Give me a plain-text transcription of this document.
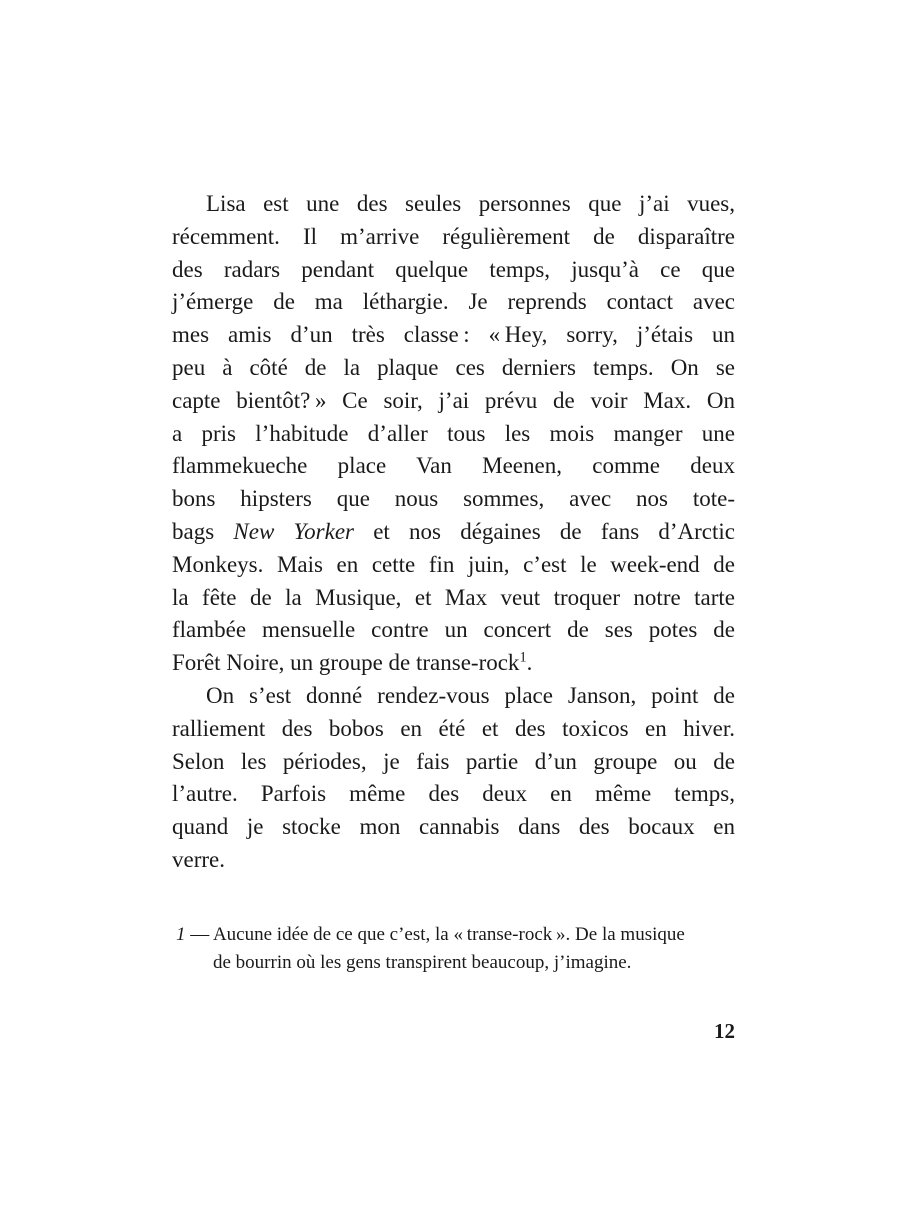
Lisa est une des seules personnes que j’ai vues,
récemment. Il m’arrive régulièrement de disparaître
des radars pendant quelque temps, jusqu’à ce que
j’émerge de ma léthargie. Je reprends contact avec
mes amis d’un très classe : « Hey, sorry, j’étais un
peu à côté de la plaque ces derniers temps. On se
capte bientôt? » Ce soir, j’ai prévu de voir Max. On
a pris l’habitude d’aller tous les mois manger une
flammekueche place Van Meenen, comme deux
bons hipsters que nous sommes, avec nos tote-
bags New Yorker et nos dégaines de fans d’Arctic
Monkeys. Mais en cette fin juin, c’est le week-end de
la fête de la Musique, et Max veut troquer notre tarte
flambée mensuelle contre un concert de ses potes de
Forêt Noire, un groupe de transe-rock$^1$.
On s’est donné rendez-vous place Janson, point de
ralliement des bobos en été et des toxicos en hiver.
Selon les périodes, je fais partie d’un groupe ou de
l’autre. Parfois même des deux en même temps,
quand je stocke mon cannabis dans des bocaux en
verre.
1 — Aucune idée de ce que c’est, la « transe-rock ». De la musique
de bourrin où les gens transpirent beaucoup, j’imagine.
12
